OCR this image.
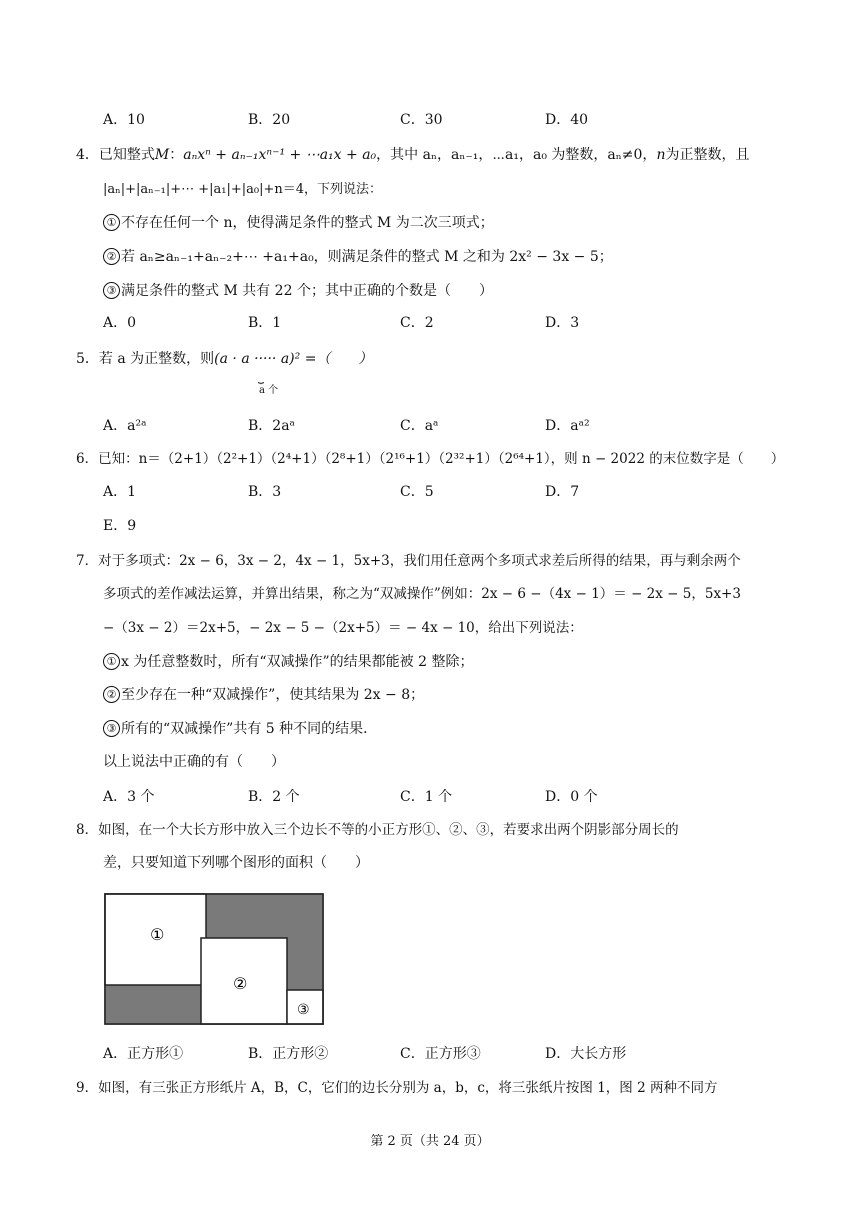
A．10	B．20	C．30	D．40
4．已知整式M：aₙxⁿ + aₙ₋₁xⁿ⁻¹ + ⋯a₁x + a₀，其中 aₙ，aₙ₋₁，⋯a₁，a₀ 为整数，aₙ≠0，n为正整数，且
|aₙ|+|aₙ₋₁|+⋯ +|a₁|+|a₀|+n＝4，下列说法：
① 不存在任何一个 n，使得满足条件的整式 M 为二次三项式；
② 若 aₙ≥aₙ₋₁+aₙ₋₂+⋯ +a₁+a₀，则满足条件的整式 M 之和为 2x² − 3x − 5；
③ 满足条件的整式 M 共有 22 个；其中正确的个数是（　　）
A．0	B．1	C．2	D．3
5．若 a 为正整数，则(a · a ····· a)² =（　　）
⏟
a 个
A．a²ᵃ	B．2aᵃ	C．aᵃ	D．aᵃ²
6．已知：n＝（2+1）（2²+1）（2⁴+1）（2⁸+1）（2¹⁶+1）（2³²+1）（2⁶⁴+1），则 n − 2022 的末位数字是（　　）
A．1	B．3	C．5	D．7
E．9
7．对于多项式：2x − 6，3x − 2，4x − 1，5x+3，我们用任意两个多项式求差后所得的结果，再与剩余两个
多项式的差作减法运算，并算出结果，称之为“双减操作”例如：2x − 6 −（4x − 1）＝ − 2x − 5，5x+3
−（3x − 2）＝2x+5，− 2x − 5 −（2x+5）＝ − 4x − 10，给出下列说法：
① x 为任意整数时，所有“双减操作”的结果都能被 2 整除；
② 至少存在一种“双减操作”，使其结果为 2x − 8；
③ 所有的“双减操作”共有 5 种不同的结果．
以上说法中正确的有（　　）
A．3 个	B．2 个	C．1 个	D．0 个
8．如图，在一个大长方形中放入三个边长不等的小正方形①、②、③，若要求出两个阴影部分周长的
差，只要知道下列哪个图形的面积（　　）
①
②
③
A．正方形①	B．正方形②	C．正方形③	D．大长方形
9．如图，有三张正方形纸片 A，B，C，它们的边长分别为 a，b，c，将三张纸片按图 1，图 2 两种不同方
第 2 页（共 24 页）
